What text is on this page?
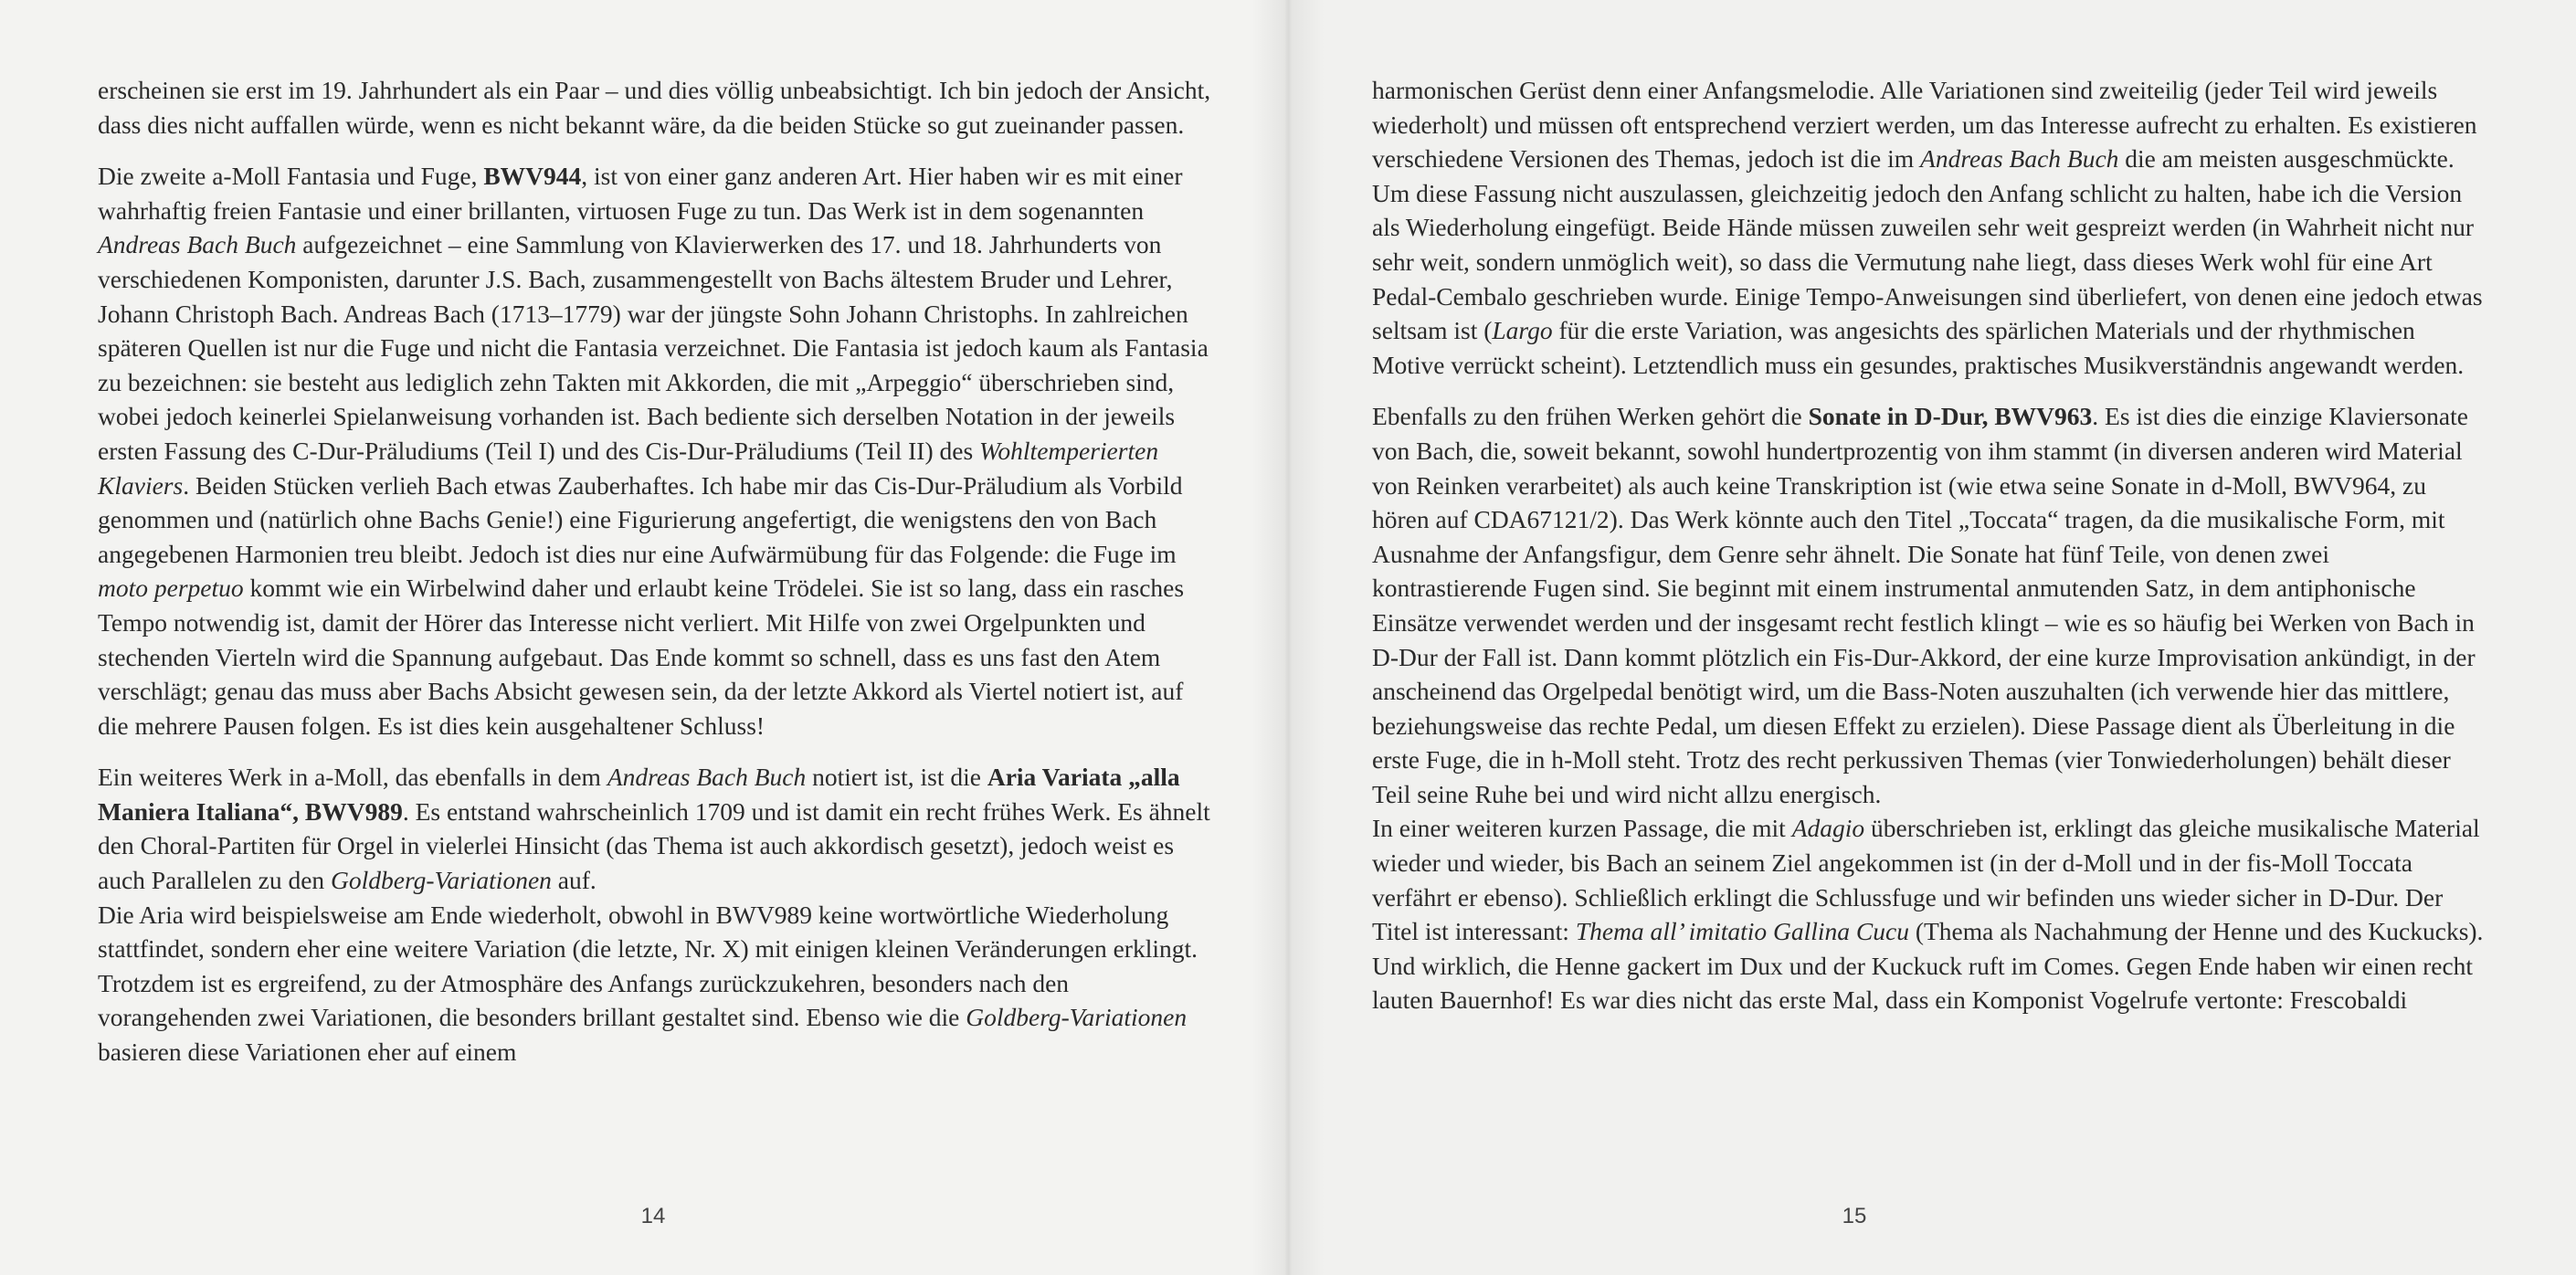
erscheinen sie erst im 19. Jahrhundert als ein Paar – und dies völlig unbeabsichtigt. Ich bin jedoch der Ansicht, dass dies nicht auffallen würde, wenn es nicht bekannt wäre, da die beiden Stücke so gut zueinander passen.

Die zweite a-Moll Fantasia und Fuge, BWV944, ist von einer ganz anderen Art. Hier haben wir es mit einer wahrhaftig freien Fantasie und einer brillanten, virtuosen Fuge zu tun. Das Werk ist in dem sogenannten Andreas Bach Buch aufgezeichnet – eine Sammlung von Klavierwerken des 17. und 18. Jahrhunderts von verschiedenen Komponisten, darunter J.S. Bach, zusammengestellt von Bachs ältestem Bruder und Lehrer, Johann Christoph Bach. Andreas Bach (1713–1779) war der jüngste Sohn Johann Christophs. In zahlreichen späteren Quellen ist nur die Fuge und nicht die Fantasia verzeichnet. Die Fantasia ist jedoch kaum als Fantasia zu bezeichnen: sie besteht aus lediglich zehn Takten mit Akkorden, die mit „Arpeggio“ überschrieben sind, wobei jedoch keinerlei Spielanweisung vorhanden ist. Bach bediente sich derselben Notation in der jeweils ersten Fassung des C-Dur-Präludiums (Teil I) und des Cis-Dur-Präludiums (Teil II) des Wohltemperierten Klaviers. Beiden Stücken verlieh Bach etwas Zauberhaftes. Ich habe mir das Cis-Dur-Präludium als Vorbild genommen und (natürlich ohne Bachs Genie!) eine Figurierung angefertigt, die wenigstens den von Bach angegebenen Harmonien treu bleibt. Jedoch ist dies nur eine Aufwärmübung für das Folgende: die Fuge im moto perpetuo kommt wie ein Wirbelwind daher und erlaubt keine Trödelei. Sie ist so lang, dass ein rasches Tempo notwendig ist, damit der Hörer das Interesse nicht verliert. Mit Hilfe von zwei Orgelpunkten und stechenden Vierteln wird die Spannung aufgebaut. Das Ende kommt so schnell, dass es uns fast den Atem verschlägt; genau das muss aber Bachs Absicht gewesen sein, da der letzte Akkord als Viertel notiert ist, auf die mehrere Pausen folgen. Es ist dies kein ausgehaltener Schluss!

Ein weiteres Werk in a-Moll, das ebenfalls in dem Andreas Bach Buch notiert ist, ist die Aria Variata „alla Maniera Italiana“, BWV989. Es entstand wahrscheinlich 1709 und ist damit ein recht frühes Werk. Es ähnelt den Choral-Partiten für Orgel in vielerlei Hinsicht (das Thema ist auch akkordisch gesetzt), jedoch weist es auch Parallelen zu den Goldberg-Variationen auf.

Die Aria wird beispielsweise am Ende wiederholt, obwohl in BWV989 keine wortwörtliche Wiederholung stattfindet, sondern eher eine weitere Variation (die letzte, Nr. X) mit einigen kleinen Veränderungen erklingt. Trotzdem ist es ergreifend, zu der Atmosphäre des Anfangs zurückzukehren, besonders nach den vorangehenden zwei Variationen, die besonders brillant gestaltet sind. Ebenso wie die Goldberg-Variationen basieren diese Variationen eher auf einem

14

harmonischen Gerüst denn einer Anfangsmelodie. Alle Variationen sind zweiteilig (jeder Teil wird jeweils wiederholt) und müssen oft entsprechend verziert werden, um das Interesse aufrecht zu erhalten. Es existieren verschiedene Versionen des Themas, jedoch ist die im Andreas Bach Buch die am meisten ausgeschmückte. Um diese Fassung nicht auszulassen, gleichzeitig jedoch den Anfang schlicht zu halten, habe ich die Version als Wiederholung eingefügt. Beide Hände müssen zuweilen sehr weit gespreizt werden (in Wahrheit nicht nur sehr weit, sondern unmöglich weit), so dass die Vermutung nahe liegt, dass dieses Werk wohl für eine Art Pedal-Cembalo geschrieben wurde. Einige Tempo-Anweisungen sind überliefert, von denen eine jedoch etwas seltsam ist (Largo für die erste Variation, was angesichts des spärlichen Materials und der rhythmischen Motive verrückt scheint). Letztendlich muss ein gesundes, praktisches Musikverständnis angewandt werden.

Ebenfalls zu den frühen Werken gehört die Sonate in D-Dur, BWV963. Es ist dies die einzige Klaviersonate von Bach, die, soweit bekannt, sowohl hundertprozentig von ihm stammt (in diversen anderen wird Material von Reinken verarbeitet) als auch keine Transkription ist (wie etwa seine Sonate in d-Moll, BWV964, zu hören auf CDA67121/2). Das Werk könnte auch den Titel „Toccata“ tragen, da die musikalische Form, mit Ausnahme der Anfangsfigur, dem Genre sehr ähnelt. Die Sonate hat fünf Teile, von denen zwei kontrastierende Fugen sind. Sie beginnt mit einem instrumental anmutenden Satz, in dem antiphonische Einsätze verwendet werden und der insgesamt recht festlich klingt – wie es so häufig bei Werken von Bach in D-Dur der Fall ist. Dann kommt plötzlich ein Fis-Dur-Akkord, der eine kurze Improvisation ankündigt, in der anscheinend das Orgelpedal benötigt wird, um die Bass-Noten auszuhalten (ich verwende hier das mittlere, beziehungsweise das rechte Pedal, um diesen Effekt zu erzielen). Diese Passage dient als Überleitung in die erste Fuge, die in h-Moll steht. Trotz des recht perkussiven Themas (vier Tonwiederholungen) behält dieser Teil seine Ruhe bei und wird nicht allzu energisch.

In einer weiteren kurzen Passage, die mit Adagio überschrieben ist, erklingt das gleiche musikalische Material wieder und wieder, bis Bach an seinem Ziel angekommen ist (in der d-Moll und in der fis-Moll Toccata verfährt er ebenso). Schließlich erklingt die Schlussfuge und wir befinden uns wieder sicher in D-Dur. Der Titel ist interessant: Thema all’ imitatio Gallina Cucu (Thema als Nachahmung der Henne und des Kuckucks). Und wirklich, die Henne gackert im Dux und der Kuckuck ruft im Comes. Gegen Ende haben wir einen recht lauten Bauernhof! Es war dies nicht das erste Mal, dass ein Komponist Vogelrufe vertonte: Frescobaldi

15
